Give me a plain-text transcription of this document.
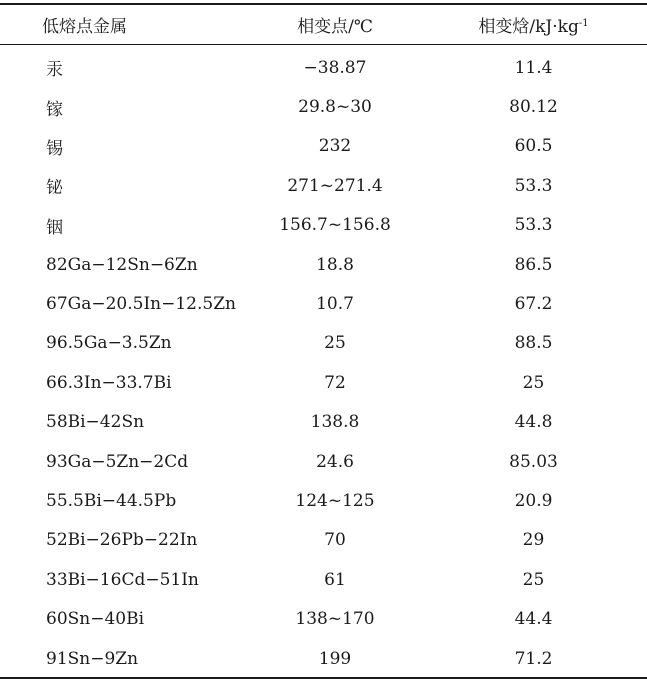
低熔点金属	相变点/℃	相变焓$/kJ\cdot kg^{-1}$
汞	−38.87	11.4
镓	29.8~30	80.12
锡	232	60.5
铋	271~271.4	53.3
铟	156.7~156.8	53.3
82Ga−12Sn−6Zn	18.8	86.5
67Ga−20.5In−12.5Zn	10.7	67.2
96.5Ga−3.5Zn	25	88.5
66.3In−33.7Bi	72	25
58Bi−42Sn	138.8	44.8
93Ga−5Zn−2Cd	24.6	85.03
55.5Bi−44.5Pb	124~125	20.9
52Bi−26Pb−22In	70	29
33Bi−16Cd−51In	61	25
60Sn−40Bi	138~170	44.4
91Sn−9Zn	199	71.2
